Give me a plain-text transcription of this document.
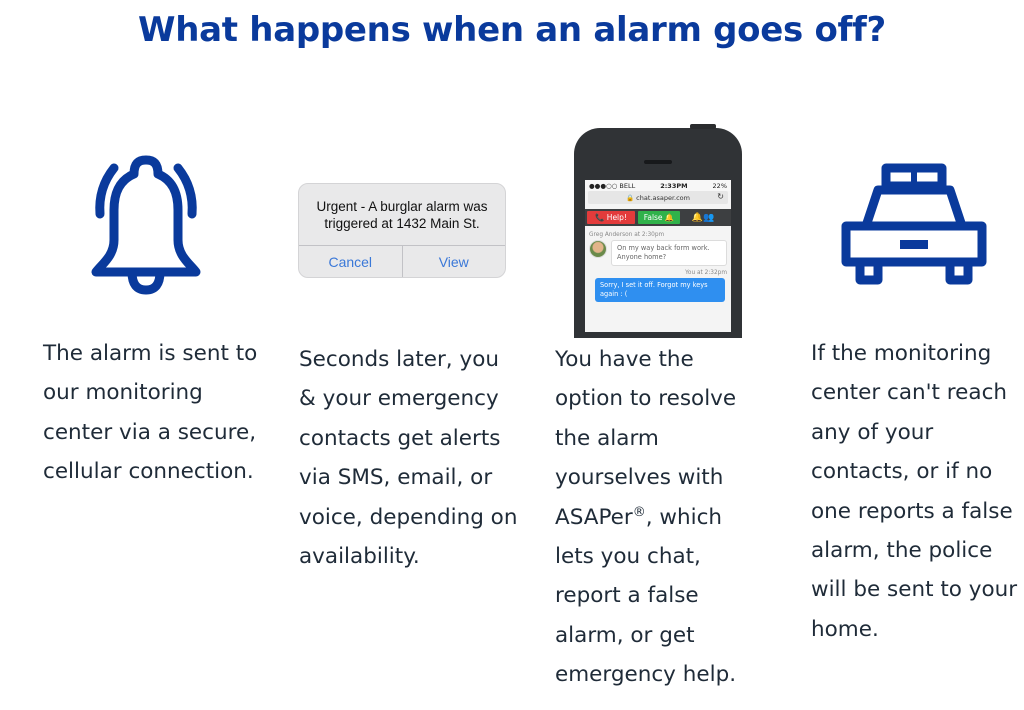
What happens when an alarm goes off?
The alarm is sent to our monitoring center via a secure, cellular connection.
Urgent - A burglar alarm was triggered at 1432 Main St.
Cancel	View
Seconds later, you & your emergency contacts get alerts via SMS, email, or voice, depending on availability.
●●●○○ BELL	2:33PM	22%
🔒 chat.asaper.com	↻
📞 Help!	False 🔔	🔔👥
Greg Anderson at 2:30pm
On my way back form work. Anyone home?
You at 2:32pm
Sorry, I set it off. Forgot my keys again : (
You have the option to resolve the alarm yourselves with ASAPer®, which lets you chat, report a false alarm, or get emergency help.
If the monitoring center can't reach any of your contacts, or if no one reports a false alarm, the police will be sent to your home.
